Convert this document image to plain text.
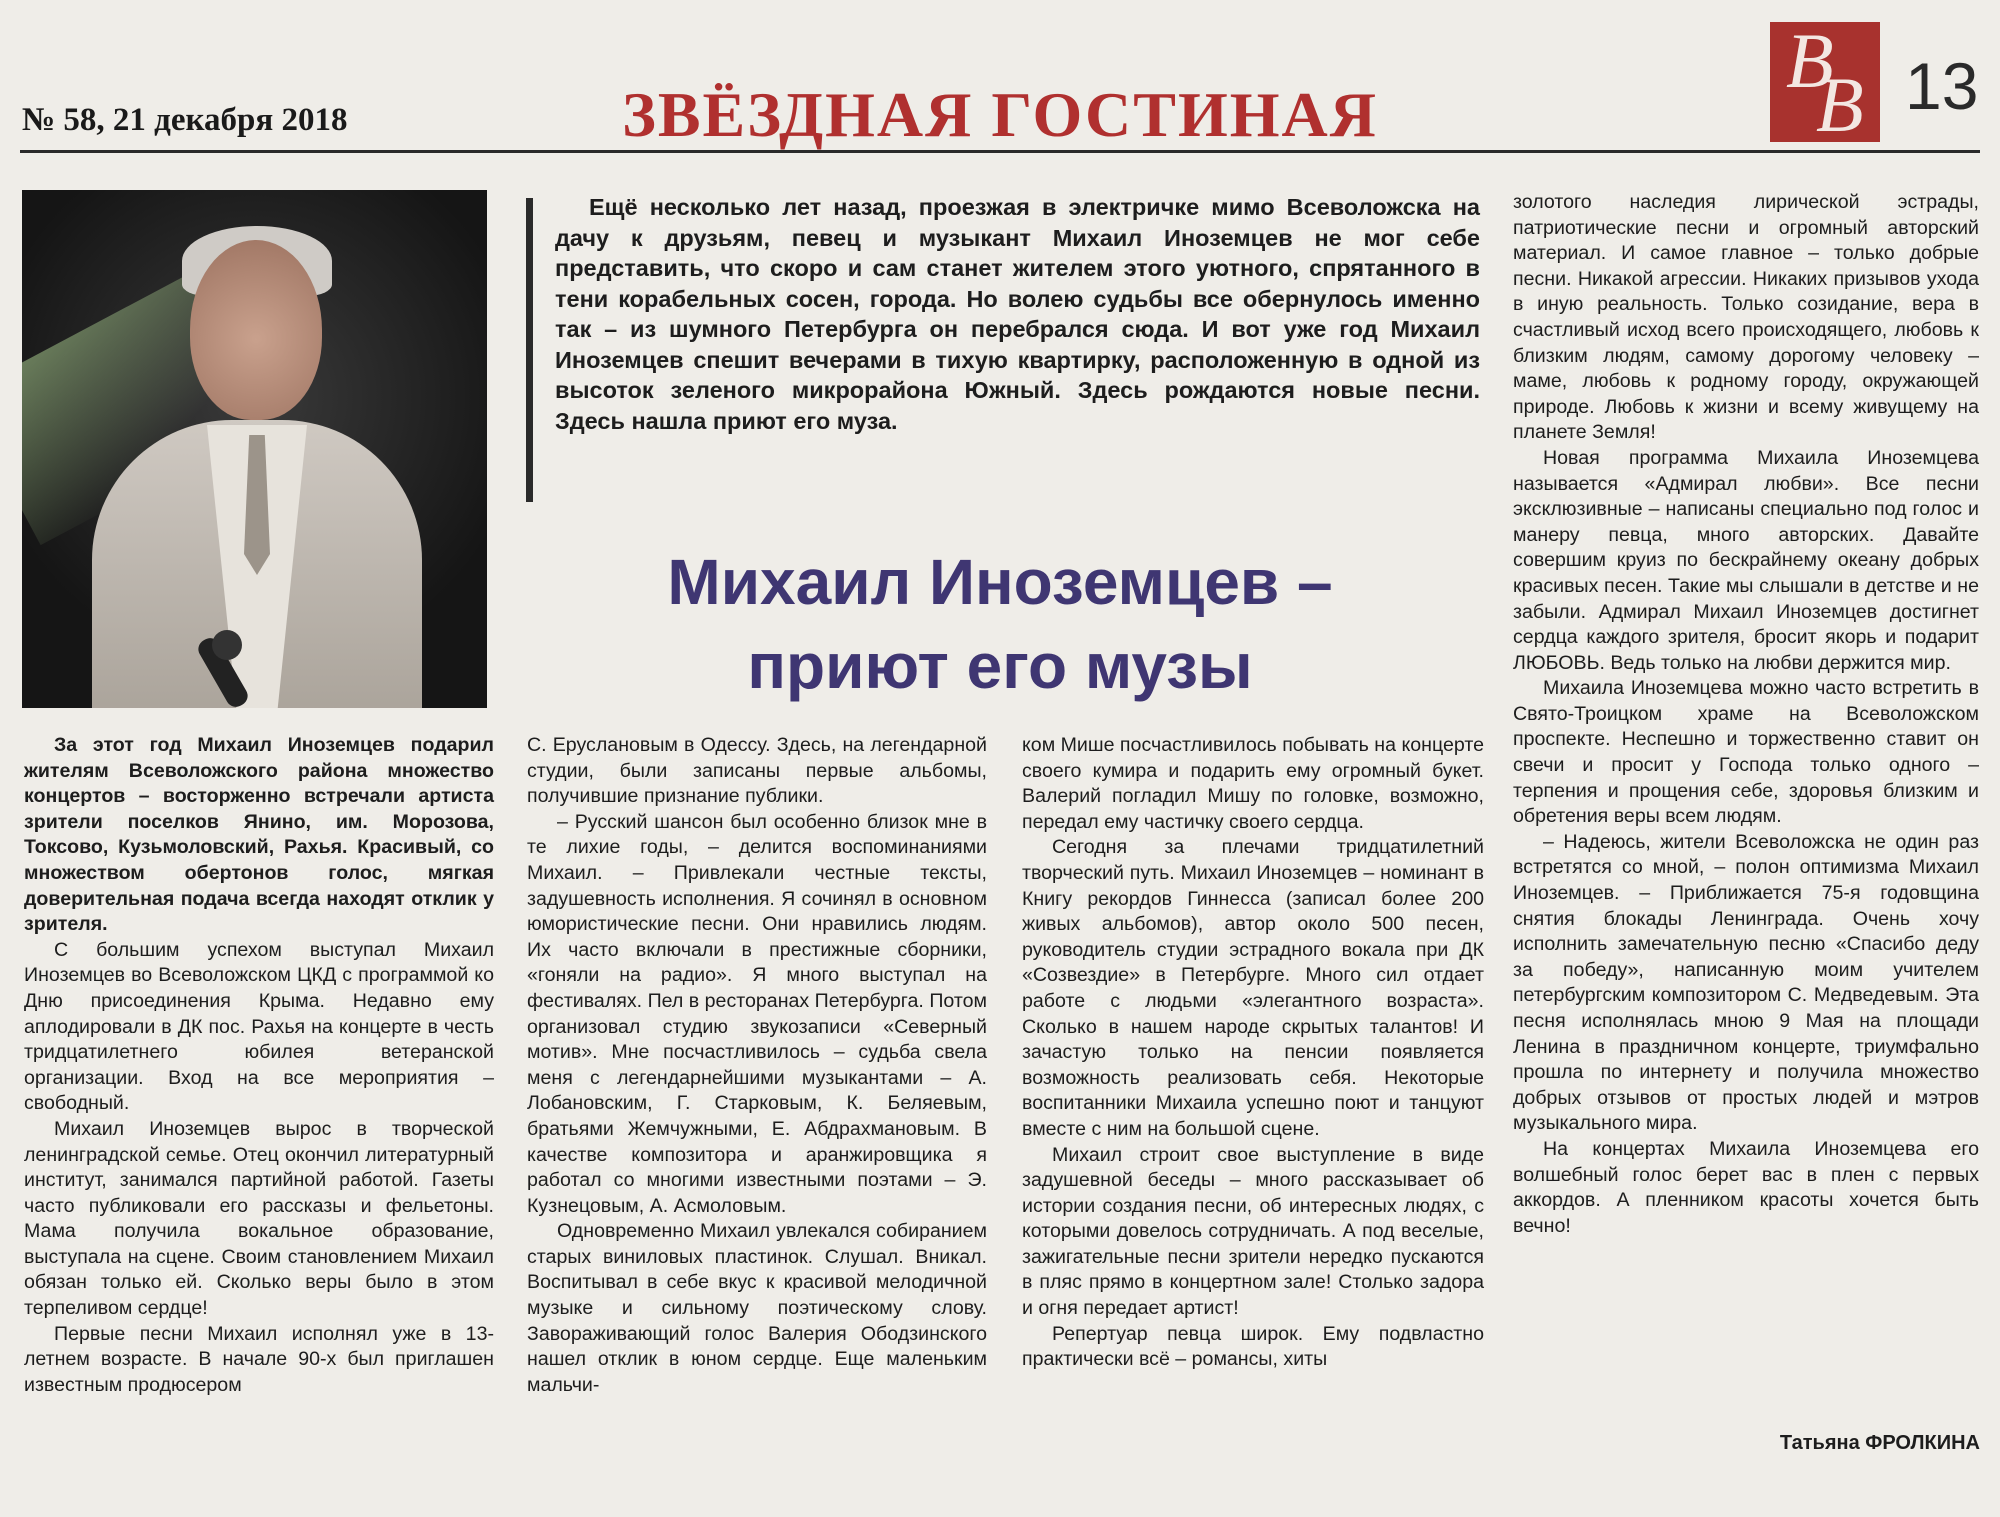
№ 58, 21 декабря 2018	ЗВЁЗДНАЯ ГОСТИНАЯ
В
В 13

Ещё несколько лет назад, проезжая в электричке мимо Всеволожска на дачу к друзьям, певец и музыкант Михаил Иноземцев не мог себе представить, что скоро и сам станет жителем этого уютного, спрятанного в тени корабельных сосен, города. Но волею судьбы все обернулось именно так – из шумного Петербурга он перебрался сюда. И вот уже год Михаил Иноземцев спешит вечерами в тихую квартирку, расположенную в одной из высоток зеленого микрорайона Южный. Здесь рождаются новые песни. Здесь нашла приют его муза.

Михаил Иноземцев –
приют его музы

За этот год Михаил Иноземцев подарил жителям Всеволожского района множество концертов – восторженно встречали артиста зрители поселков Янино, им. Морозова, Токсово, Кузьмоловский, Рахья. Красивый, со множеством обертонов голос, мягкая доверительная подача всегда находят отклик у зрителя.

С большим успехом выступал Михаил Иноземцев во Всеволожском ЦКД с программой ко Дню присоединения Крыма. Недавно ему аплодировали в ДК пос. Рахья на концерте в честь тридцатилетнего юбилея ветеранской организации. Вход на все мероприятия – свободный.

Михаил Иноземцев вырос в творческой ленинградской семье. Отец окончил литературный институт, занимался партийной работой. Газеты часто публиковали его рассказы и фельетоны. Мама получила вокальное образование, выступала на сцене. Своим становлением Михаил обязан только ей. Сколько веры было в этом терпеливом сердце!

Первые песни Михаил исполнял уже в 13-летнем возрасте. В начале 90-х был приглашен известным продюсером

С. Еруслановым в Одессу. Здесь, на легендарной студии, были записаны первые альбомы, получившие признание публики.

– Русский шансон был особенно близок мне в те лихие годы, – делится воспоминаниями Михаил. – Привлекали честные тексты, задушевность исполнения. Я сочинял в основном юмористические песни. Они нравились людям. Их часто включали в престижные сборники, «гоняли на радио». Я много выступал на фестивалях. Пел в ресторанах Петербурга. Потом организовал студию звукозаписи «Северный мотив». Мне посчастливилось – судьба свела меня с легендарнейшими музыкантами – А. Лобановским, Г. Старковым, К. Беляевым, братьями Жемчужными, Е. Абдрахмановым. В качестве композитора и аранжировщика я работал со многими известными поэтами – Э. Кузнецовым, А. Асмоловым.

Одновременно Михаил увлекался собиранием старых виниловых пластинок. Слушал. Вникал. Воспитывал в себе вкус к красивой мелодичной музыке и сильному поэтическому слову. Завораживающий голос Валерия Ободзинского нашел отклик в юном сердце. Еще маленьким мальчи-

ком Мише посчастливилось побывать на концерте своего кумира и подарить ему огромный букет. Валерий погладил Мишу по головке, возможно, передал ему частичку своего сердца.

Сегодня за плечами тридцатилетний творческий путь. Михаил Иноземцев – номинант в Книгу рекордов Гиннесса (записал более 200 живых альбомов), автор около 500 песен, руководитель студии эстрадного вокала при ДК «Созвездие» в Петербурге. Много сил отдает работе с людьми «элегантного возраста». Сколько в нашем народе скрытых талантов! И зачастую только на пенсии появляется возможность реализовать себя. Некоторые воспитанники Михаила успешно поют и танцуют вместе с ним на большой сцене.

Михаил строит свое выступление в виде задушевной беседы – много рассказывает об истории создания песни, об интересных людях, с которыми довелось сотрудничать. А под веселые, зажигательные песни зрители нередко пускаются в пляс прямо в концертном зале! Столько задора и огня передает артист!

Репертуар певца широк. Ему подвластно практически всё – романсы, хиты

золотого наследия лирической эстрады, патриотические песни и огромный авторский материал. И самое главное – только добрые песни. Никакой агрессии. Никаких призывов ухода в иную реальность. Только созидание, вера в счастливый исход всего происходящего, любовь к близким людям, самому дорогому человеку – маме, любовь к родному городу, окружающей природе. Любовь к жизни и всему живущему на планете Земля!

Новая программа Михаила Иноземцева называется «Адмирал любви». Все песни эксклюзивные – написаны специально под голос и манеру певца, много авторских. Давайте совершим круиз по бескрайнему океану добрых красивых песен. Такие мы слышали в детстве и не забыли. Адмирал Михаил Иноземцев достигнет сердца каждого зрителя, бросит якорь и подарит ЛЮБОВЬ. Ведь только на любви держится мир.

Михаила Иноземцева можно часто встретить в Свято-Троицком храме на Всеволожском проспекте. Неспешно и торжественно ставит он свечи и просит у Господа только одного – терпения и прощения себе, здоровья близким и обретения веры всем людям.

– Надеюсь, жители Всеволожска не один раз встретятся со мной, – полон оптимизма Михаил Иноземцев. – Приближается 75-я годовщина снятия блокады Ленинграда. Очень хочу исполнить замечательную песню «Спасибо деду за победу», написанную моим учителем петербургским композитором С. Медведевым. Эта песня исполнялась мною 9 Мая на площади Ленина в праздничном концерте, триумфально прошла по интернету и получила множество добрых отзывов от простых людей и мэтров музыкального мира.

На концертах Михаила Иноземцева его волшебный голос берет вас в плен с первых аккордов. А пленником красоты хочется быть вечно!

Татьяна ФРОЛКИНА
